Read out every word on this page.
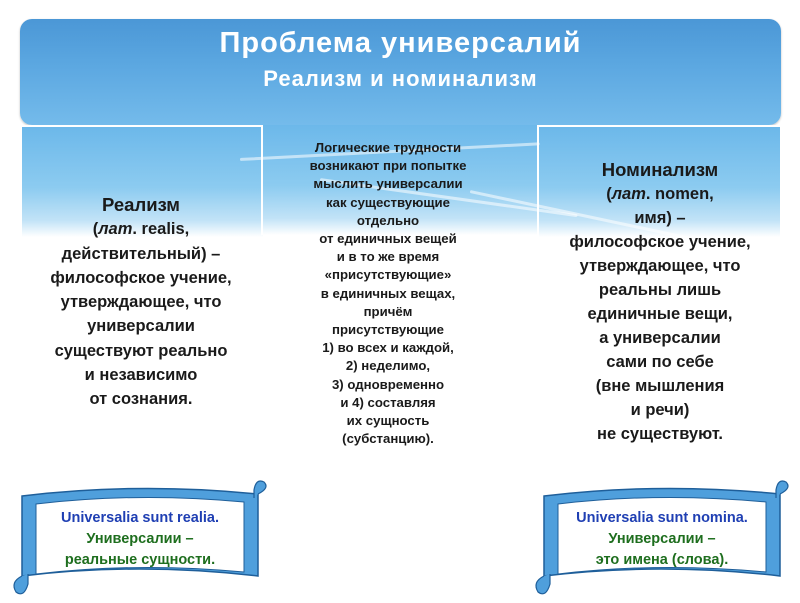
Проблема универсалий
Реализм и номинализм
Реализм
(лат. realis,
действительный) –
философское учение,
утверждающее, что
универсалии
существуют реально
и независимо
от сознания.
Логические трудности
возникают при попытке
мыслить универсалии
как существующие
отдельно
от единичных вещей
и в то же время
«присутствующие»
в единичных вещах,
причём
присутствующие
1) во всех и каждой,
2) неделимо,
3) одновременно
и 4) составляя
их сущность
(субстанцию).
Номинализм
(лат. nomen,
имя) –
философское учение,
утверждающее, что
реальны лишь
единичные вещи,
а универсалии
сами по себе
(вне мышления
и речи)
не существуют.
Universalia sunt realia.
Универсалии –
реальные сущности.
Universalia sunt nomina.
Универсалии –
это имена (слова).
